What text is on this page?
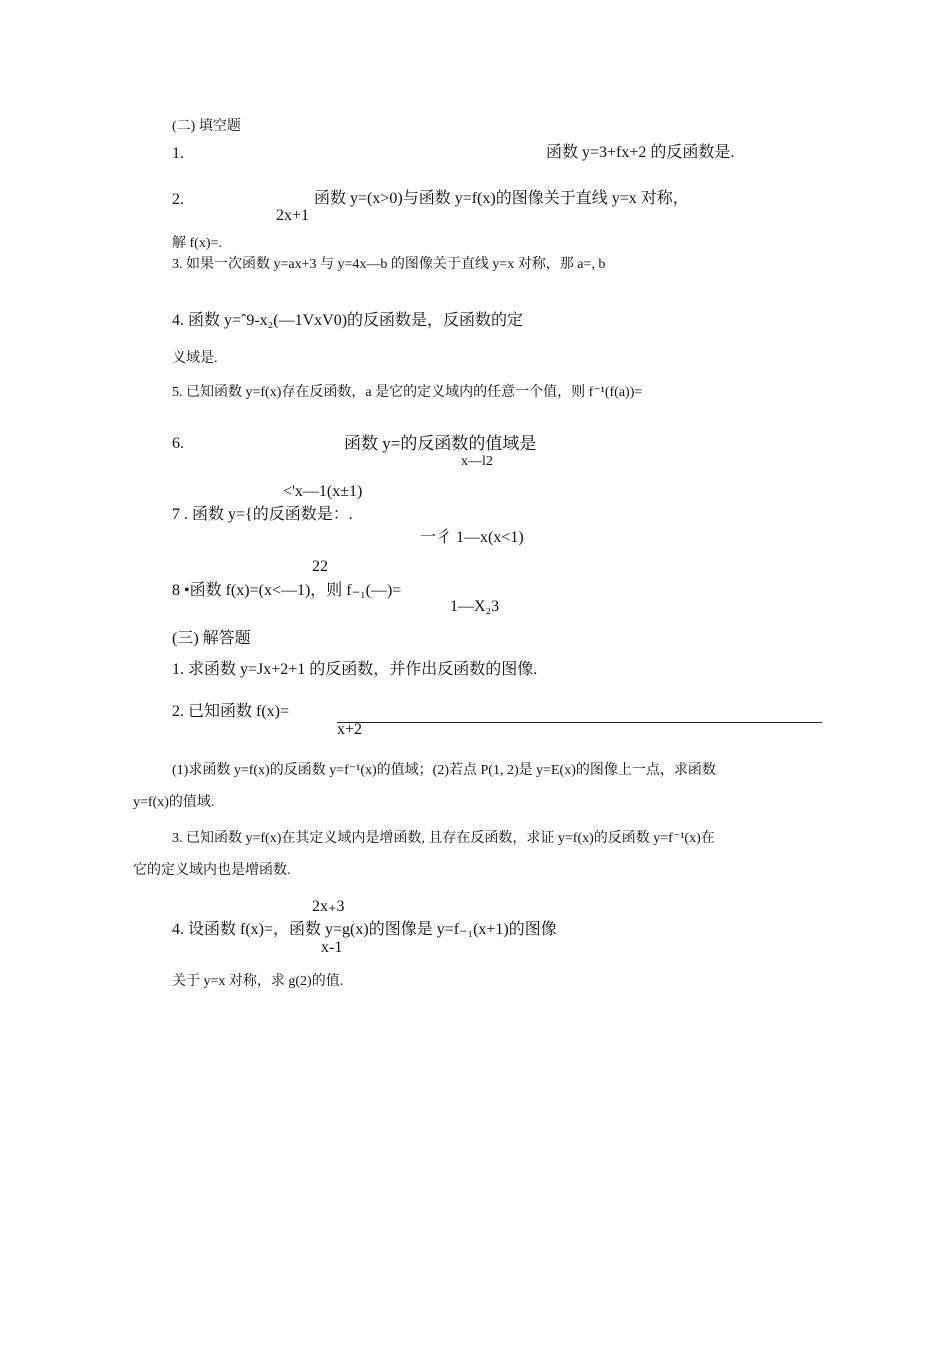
(二) 填空题
1.	函数 y=3+fx+2 的反函数是.
2.	函数 y=(x>0)与函数 y=f(x)的图像关于直线 y=x 对称，
2x+1
解 f(x)=.
3. 如果一次函数 y=ax+3 与 y=4x—b 的图像关于直线 y=x 对称，那 a=, b
4. 函数 y=ˆ9-x₂(—1VxV0)的反函数是，反函数的定
义域是.
5. 已知函数 y=f(x)存在反函数，a 是它的定义域内的任意一个值，则 f⁻¹(f(a))=
6.	函数 y=的反函数的值域是
x—l2
<'x—1(x±1)
7 . 函数 y={的反函数是：.
一彳 1—x(x<1)
22
8 •函数 f(x)=(x<—1)，则 f₋₁(—)=
1—X₂3
(三) 解答题
1. 求函数 y=Jx+2+1 的反函数，并作出反函数的图像.
2. 已知函数 f(x)=
x+2
(1)求函数 y=f(x)的反函数 y=f⁻¹(x)的值域；(2)若点 P(1, 2)是 y=E(x)的图像上一点，求函数
y=f(x)的值域.
3. 已知函数 y=f(x)在其定义域内是增函数, 且存在反函数，求证 y=f(x)的反函数 y=f⁻¹(x)在
它的定义域内也是增函数.
2x₊3
4. 设函数 f(x)=，函数 y=g(x)的图像是 y=f₋₁(x+1)的图像
x-1
关于 y=x 对称，求 g(2)的值.
